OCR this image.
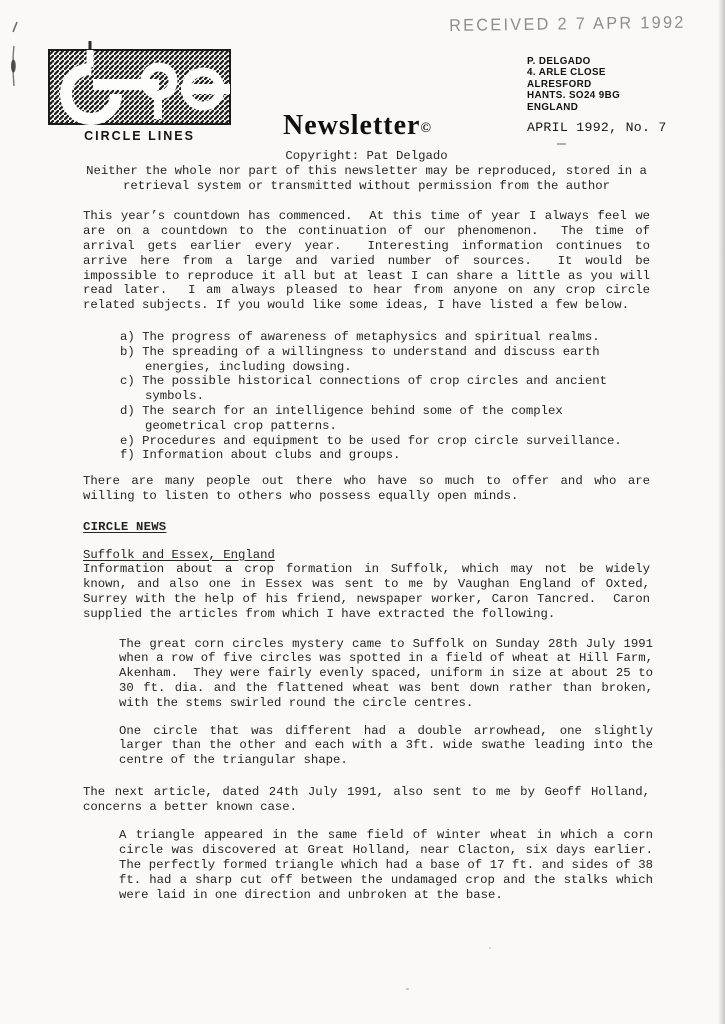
RECEIVED 2 7 APR 1992
CIRCLE LINES	Newsletter©
P. DELGADO
4. ARLE CLOSE
ALRESFORD
HANTS. SO24 9BG
ENGLAND
APRIL 1992, No. 7
Copyright: Pat Delgado
Neither the whole nor part of this newsletter may be reproduced, stored in a retrieval system or transmitted without permission from the author

This year’s countdown has commenced.  At this time of year I always feel we are on a countdown to the continuation of our phenomenon.  The time of arrival gets earlier every year.  Interesting information continues to arrive here from a large and varied number of sources.  It would be impossible to reproduce it all but at least I can share a little as you will read later.  I am always pleased to hear from anyone on any crop circle related subjects. If you would like some ideas, I have listed a few below.

a) The progress of awareness of metaphysics and spiritual realms.
b) The spreading of a willingness to understand and discuss earth energies, including dowsing.
c) The possible historical connections of crop circles and ancient symbols.
d) The search for an intelligence behind some of the complex geometrical crop patterns.
e) Procedures and equipment to be used for crop circle surveillance.
f) Information about clubs and groups.

There are many people out there who have so much to offer and who are willing to listen to others who possess equally open minds.

CIRCLE NEWS
Suffolk and Essex, England

Information about a crop formation in Suffolk, which may not be widely known, and also one in Essex was sent to me by Vaughan England of Oxted, Surrey with the help of his friend, newspaper worker, Caron Tancred.  Caron supplied the articles from which I have extracted the following.

The great corn circles mystery came to Suffolk on Sunday 28th July 1991 when a row of five circles was spotted in a field of wheat at Hill Farm, Akenham.  They were fairly evenly spaced, uniform in size at about 25 to 30 ft. dia. and the flattened wheat was bent down rather than broken, with the stems swirled round the circle centres.

One circle that was different had a double arrowhead, one slightly larger than the other and each with a 3ft. wide swathe leading into the centre of the triangular shape.

The next article, dated 24th July 1991, also sent to me by Geoff Holland, concerns a better known case.

A triangle appeared in the same field of winter wheat in which a corn circle was discovered at Great Holland, near Clacton, six days earlier. The perfectly formed triangle which had a base of 17 ft. and sides of 38 ft. had a sharp cut off between the undamaged crop and the stalks which were laid in one direction and unbroken at the base.
